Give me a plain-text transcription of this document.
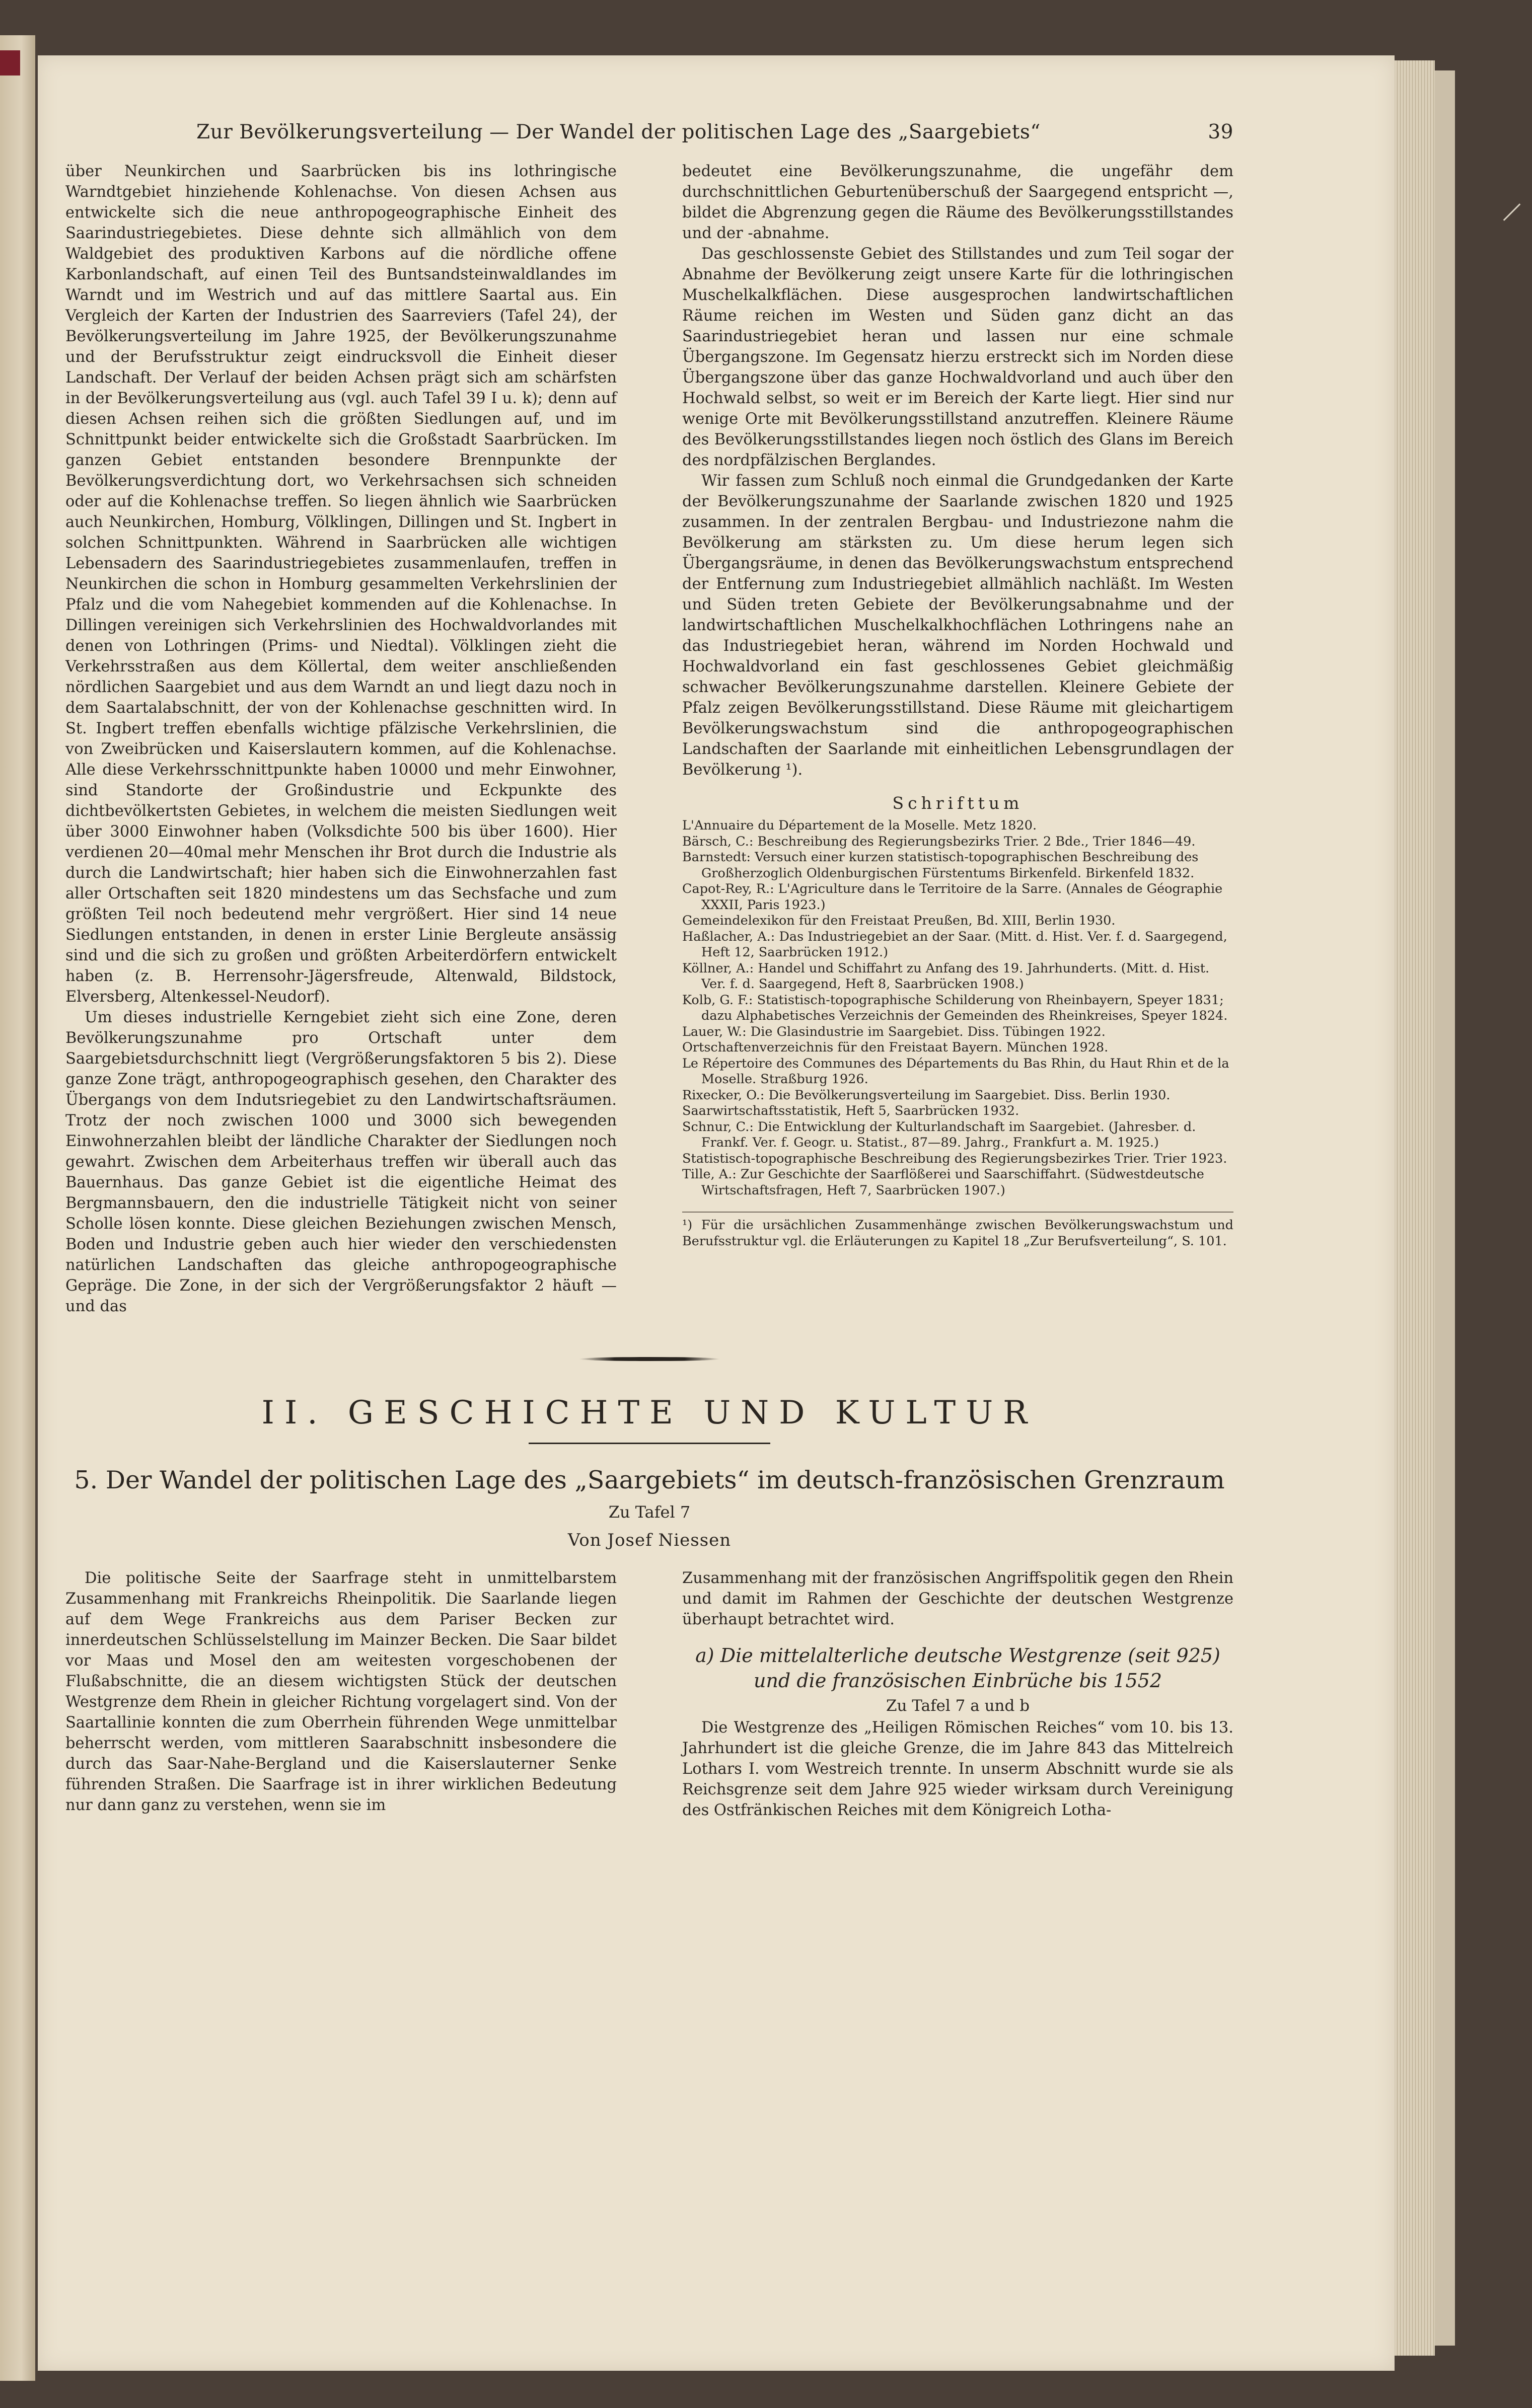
Zur Bevölkerungsverteilung — Der Wandel der politischen Lage des „Saargebiets“	39

über Neunkirchen und Saarbrücken bis ins lothringische Warndtgebiet hinziehende Kohlenachse. Von diesen Achsen aus entwickelte sich die neue anthropogeographische Einheit des Saarindustriegebietes. Diese dehnte sich allmählich von dem Waldgebiet des produktiven Karbons auf die nördliche offene Karbonlandschaft, auf einen Teil des Buntsandsteinwaldlandes im Warndt und im Westrich und auf das mittlere Saartal aus. Ein Vergleich der Karten der Industrien des Saarreviers (Tafel 24), der Bevölkerungsverteilung im Jahre 1925, der Bevölkerungszunahme und der Berufsstruktur zeigt eindrucksvoll die Einheit dieser Landschaft. Der Verlauf der beiden Achsen prägt sich am schärfsten in der Bevölkerungsverteilung aus (vgl. auch Tafel 39 I u. k); denn auf diesen Achsen reihen sich die größten Siedlungen auf, und im Schnittpunkt beider entwickelte sich die Großstadt Saarbrücken. Im ganzen Gebiet entstanden besondere Brennpunkte der Bevölkerungsverdichtung dort, wo Verkehrsachsen sich schneiden oder auf die Kohlenachse treffen. So liegen ähnlich wie Saarbrücken auch Neunkirchen, Homburg, Völklingen, Dillingen und St. Ingbert in solchen Schnittpunkten. Während in Saarbrücken alle wichtigen Lebensadern des Saarindustriegebietes zusammenlaufen, treffen in Neunkirchen die schon in Homburg gesammelten Verkehrslinien der Pfalz und die vom Nahegebiet kommenden auf die Kohlenachse. In Dillingen vereinigen sich Verkehrslinien des Hochwaldvorlandes mit denen von Lothringen (Prims- und Niedtal). Völklingen zieht die Verkehrsstraßen aus dem Köllertal, dem weiter anschließenden nördlichen Saargebiet und aus dem Warndt an und liegt dazu noch in dem Saartalabschnitt, der von der Kohlenachse geschnitten wird. In St. Ingbert treffen ebenfalls wichtige pfälzische Verkehrslinien, die von Zweibrücken und Kaiserslautern kommen, auf die Kohlenachse. Alle diese Verkehrsschnittpunkte haben 10000 und mehr Einwohner, sind Standorte der Großindustrie und Eckpunkte des dichtbevölkertsten Gebietes, in welchem die meisten Siedlungen weit über 3000 Einwohner haben (Volksdichte 500 bis über 1600). Hier verdienen 20—40mal mehr Menschen ihr Brot durch die Industrie als durch die Landwirtschaft; hier haben sich die Einwohnerzahlen fast aller Ortschaften seit 1820 mindestens um das Sechsfache und zum größten Teil noch bedeutend mehr vergrößert. Hier sind 14 neue Siedlungen entstanden, in denen in erster Linie Bergleute ansässig sind und die sich zu großen und größten Arbeiterdörfern entwickelt haben (z. B. Herrensohr-Jägersfreude, Altenwald, Bildstock, Elversberg, Altenkessel-Neudorf).

Um dieses industrielle Kerngebiet zieht sich eine Zone, deren Bevölkerungszunahme pro Ortschaft unter dem Saargebietsdurchschnitt liegt (Vergrößerungsfaktoren 5 bis 2). Diese ganze Zone trägt, anthropogeographisch gesehen, den Charakter des Übergangs von dem Indutsriegebiet zu den Landwirtschaftsräumen. Trotz der noch zwischen 1000 und 3000 sich bewegenden Einwohnerzahlen bleibt der ländliche Charakter der Siedlungen noch gewahrt. Zwischen dem Arbeiterhaus treffen wir überall auch das Bauernhaus. Das ganze Gebiet ist die eigentliche Heimat des Bergmannsbauern, den die industrielle Tätigkeit nicht von seiner Scholle lösen konnte. Diese gleichen Beziehungen zwischen Mensch, Boden und Industrie geben auch hier wieder den verschiedensten natürlichen Landschaften das gleiche anthropogeographische Gepräge. Die Zone, in der sich der Vergrößerungsfaktor 2 häuft — und das

bedeutet eine Bevölkerungszunahme, die ungefähr dem durchschnittlichen Geburtenüberschuß der Saargegend entspricht —, bildet die Abgrenzung gegen die Räume des Bevölkerungsstillstandes und der -abnahme.

Das geschlossenste Gebiet des Stillstandes und zum Teil sogar der Abnahme der Bevölkerung zeigt unsere Karte für die lothringischen Muschelkalkflächen. Diese ausgesprochen landwirtschaftlichen Räume reichen im Westen und Süden ganz dicht an das Saarindustriegebiet heran und lassen nur eine schmale Übergangszone. Im Gegensatz hierzu erstreckt sich im Norden diese Übergangszone über das ganze Hochwaldvorland und auch über den Hochwald selbst, so weit er im Bereich der Karte liegt. Hier sind nur wenige Orte mit Bevölkerungsstillstand anzutreffen. Kleinere Räume des Bevölkerungsstillstandes liegen noch östlich des Glans im Bereich des nordpfälzischen Berglandes.

Wir fassen zum Schluß noch einmal die Grundgedanken der Karte der Bevölkerungszunahme der Saarlande zwischen 1820 und 1925 zusammen. In der zentralen Bergbau- und Industriezone nahm die Bevölkerung am stärksten zu. Um diese herum legen sich Übergangsräume, in denen das Bevölkerungswachstum entsprechend der Entfernung zum Industriegebiet allmählich nachläßt. Im Westen und Süden treten Gebiete der Bevölkerungsabnahme und der landwirtschaftlichen Muschelkalkhochflächen Lothringens nahe an das Industriegebiet heran, während im Norden Hochwald und Hochwaldvorland ein fast geschlossenes Gebiet gleichmäßig schwacher Bevölkerungszunahme darstellen. Kleinere Gebiete der Pfalz zeigen Bevölkerungsstillstand. Diese Räume mit gleichartigem Bevölkerungswachstum sind die anthropogeographischen Landschaften der Saarlande mit einheitlichen Lebensgrundlagen der Bevölkerung ¹).

Schrifttum

L'Annuaire du Département de la Moselle. Metz 1820.

Bärsch, C.: Beschreibung des Regierungsbezirks Trier. 2 Bde., Trier 1846—49.

Barnstedt: Versuch einer kurzen statistisch-topographischen Beschreibung des Großherzoglich Oldenburgischen Fürstentums Birkenfeld. Birkenfeld 1832.

Capot-Rey, R.: L'Agriculture dans le Territoire de la Sarre. (Annales de Géographie XXXII, Paris 1923.)

Gemeindelexikon für den Freistaat Preußen, Bd. XIII, Berlin 1930.

Haßlacher, A.: Das Industriegebiet an der Saar. (Mitt. d. Hist. Ver. f. d. Saargegend, Heft 12, Saarbrücken 1912.)

Köllner, A.: Handel und Schiffahrt zu Anfang des 19. Jahrhunderts. (Mitt. d. Hist. Ver. f. d. Saargegend, Heft 8, Saarbrücken 1908.)

Kolb, G. F.: Statistisch-topographische Schilderung von Rheinbayern, Speyer 1831; dazu Alphabetisches Verzeichnis der Gemeinden des Rheinkreises, Speyer 1824.

Lauer, W.: Die Glasindustrie im Saargebiet. Diss. Tübingen 1922.

Ortschaftenverzeichnis für den Freistaat Bayern. München 1928.

Le Répertoire des Communes des Départements du Bas Rhin, du Haut Rhin et de la Moselle. Straßburg 1926.

Rixecker, O.: Die Bevölkerungsverteilung im Saargebiet. Diss. Berlin 1930.

Saarwirtschaftsstatistik, Heft 5, Saarbrücken 1932.

Schnur, C.: Die Entwicklung der Kulturlandschaft im Saargebiet. (Jahresber. d. Frankf. Ver. f. Geogr. u. Statist., 87—89. Jahrg., Frankfurt a. M. 1925.)

Statistisch-topographische Beschreibung des Regierungsbezirkes Trier. Trier 1923.

Tille, A.: Zur Geschichte der Saarflößerei und Saarschiffahrt. (Südwestdeutsche Wirtschaftsfragen, Heft 7, Saarbrücken 1907.)

¹) Für die ursächlichen Zusammenhänge zwischen Bevölkerungswachstum und Berufsstruktur vgl. die Erläuterungen zu Kapitel 18 „Zur Berufsverteilung“, S. 101.

II. GESCHICHTE UND KULTUR
5. Der Wandel der politischen Lage des „Saargebiets“ im deutsch-französischen Grenzraum
Zu Tafel 7
Von Josef Niessen

Die politische Seite der Saarfrage steht in unmittelbarstem Zusammenhang mit Frankreichs Rheinpolitik. Die Saarlande liegen auf dem Wege Frankreichs aus dem Pariser Becken zur innerdeutschen Schlüsselstellung im Mainzer Becken. Die Saar bildet vor Maas und Mosel den am weitesten vorgeschobenen der Flußabschnitte, die an diesem wichtigsten Stück der deutschen Westgrenze dem Rhein in gleicher Richtung vorgelagert sind. Von der Saartallinie konnten die zum Oberrhein führenden Wege unmittelbar beherrscht werden, vom mittleren Saarabschnitt insbesondere die durch das Saar-Nahe-Bergland und die Kaiserslauterner Senke führenden Straßen. Die Saarfrage ist in ihrer wirklichen Bedeutung nur dann ganz zu verstehen, wenn sie im

Zusammenhang mit der französischen Angriffspolitik gegen den Rhein und damit im Rahmen der Geschichte der deutschen Westgrenze überhaupt betrachtet wird.

a) Die mittelalterliche deutsche Westgrenze (seit 925) und die französischen Einbrüche bis 1552
Zu Tafel 7 a und b

Die Westgrenze des „Heiligen Römischen Reiches“ vom 10. bis 13. Jahrhundert ist die gleiche Grenze, die im Jahre 843 das Mittelreich Lothars I. vom Westreich trennte. In unserm Abschnitt wurde sie als Reichsgrenze seit dem Jahre 925 wieder wirksam durch Vereinigung des Ostfränkischen Reiches mit dem Königreich Lotha-
